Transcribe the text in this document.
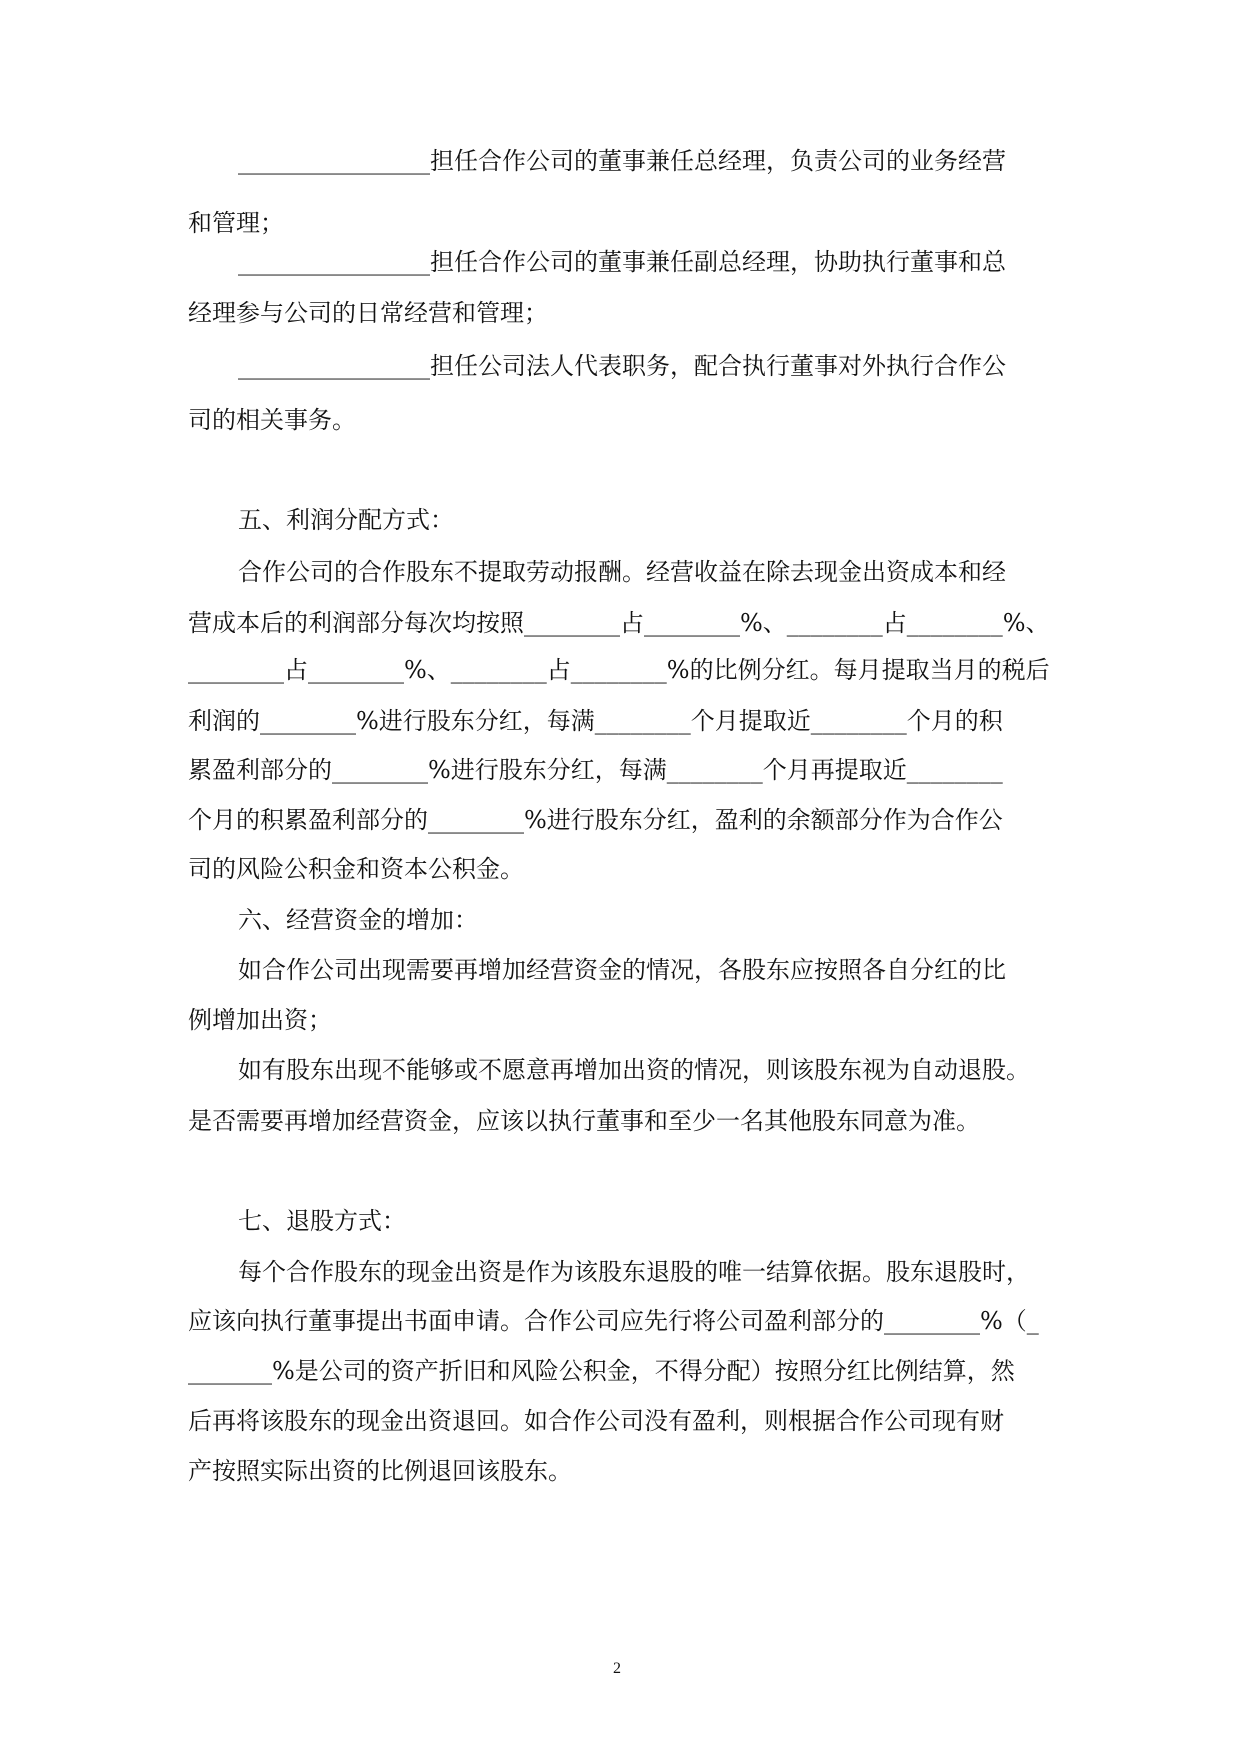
________________担任合作公司的董事兼任总经理，负责公司的业务经营

和管理；

________________担任合作公司的董事兼任副总经理，协助执行董事和总

经理参与公司的日常经营和管理；

________________担任公司法人代表职务，配合执行董事对外执行合作公

司的相关事务。

五、利润分配方式：

合作公司的合作股东不提取劳动报酬。经营收益在除去现金出资成本和经

营成本后的利润部分每次均按照________占________%、________占________%、

________占________%、________占________%的比例分红。每月提取当月的税后

利润的________%进行股东分红，每满________个月提取近________个月的积

累盈利部分的________%进行股东分红，每满________个月再提取近________

个月的积累盈利部分的________%进行股东分红，盈利的余额部分作为合作公

司的风险公积金和资本公积金。

六、经营资金的增加：

如合作公司出现需要再增加经营资金的情况，各股东应按照各自分红的比

例增加出资；

如有股东出现不能够或不愿意再增加出资的情况，则该股东视为自动退股。

是否需要再增加经营资金，应该以执行董事和至少一名其他股东同意为准。

七、退股方式：

每个合作股东的现金出资是作为该股东退股的唯一结算依据。股东退股时，

应该向执行董事提出书面申请。合作公司应先行将公司盈利部分的________%（_

_______%是公司的资产折旧和风险公积金，不得分配）按照分红比例结算，然

后再将该股东的现金出资退回。如合作公司没有盈利，则根据合作公司现有财

产按照实际出资的比例退回该股东。

2
